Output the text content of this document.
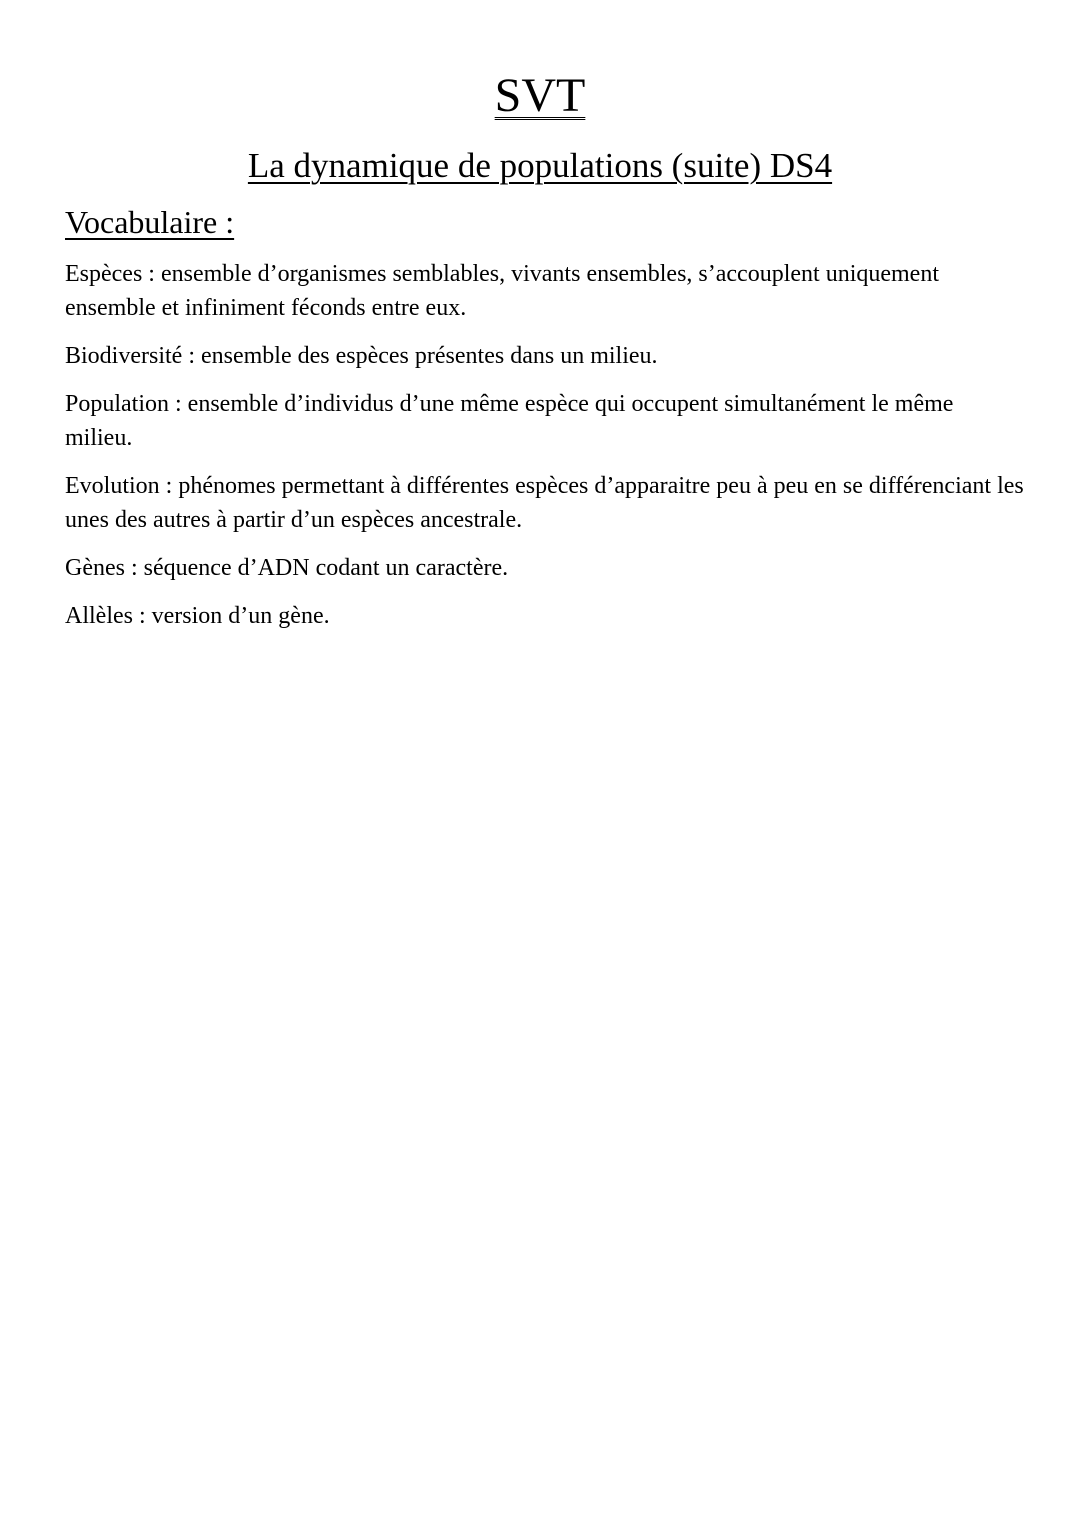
SVT
La dynamique de populations (suite) DS4
Vocabulaire :
Espèces : ensemble d’organismes semblables, vivants ensembles, s’accouplent uniquement ensemble et infiniment féconds entre eux.
Biodiversité : ensemble des espèces présentes dans un milieu.
Population : ensemble d’individus d’une même espèce qui occupent simultanément le même milieu.
Evolution : phénomes permettant à différentes espèces d’apparaitre peu à peu en se différenciant les unes des autres à partir d’un espèces ancestrale.
Gènes : séquence d’ADN codant un caractère.
Allèles : version d’un gène.
